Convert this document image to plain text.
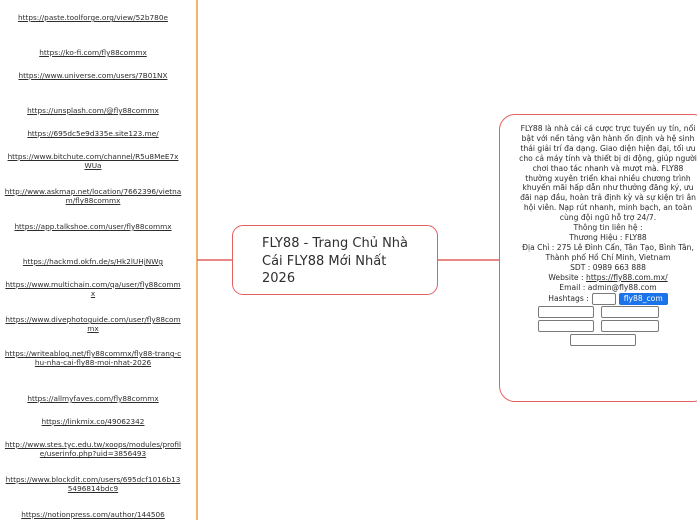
https://paste.toolforge.org/view/52b780e
https://ko-fi.com/fly88commx
https://www.universe.com/users/7B01NX
https://unsplash.com/@fly88commx
https://695dc5e9d335e.site123.me/
https://www.bitchute.com/channel/R5u8MeE7xWUa
http://www.askmap.net/location/7662396/vietnam/fly88commx
https://app.talkshoe.com/user/fly88commx
https://hackmd.okfn.de/s/Hk2lUHjNWg
https://www.multichain.com/qa/user/fly88commx
https://www.divephotoguide.com/user/fly88commx
https://writeablog.net/fly88commx/fly88-trang-chu-nha-cai-fly88-moi-nhat-2026
https://allmyfaves.com/fly88commx
https://linkmix.co/49062342
http://www.stes.tyc.edu.tw/xoops/modules/profile/userinfo.php?uid=3856493
https://www.blockdit.com/users/695dcf1016b135496814bdc9
https://notionpress.com/author/144506
FLY88 - Trang Chủ Nhà Cái FLY88 Mới Nhất 2026
FLY88 là nhà cái cá cược trực tuyến uy tín, nổi bật với nền tảng vận hành ổn định và hệ sinh thái giải trí đa dạng. Giao diện hiện đại, tối ưu cho cả máy tính và thiết bị di động, giúp người chơi thao tác nhanh và mượt mà. FLY88 thường xuyên triển khai nhiều chương trình khuyến mãi hấp dẫn như thưởng đăng ký, ưu đãi nạp đầu, hoàn trả định kỳ và sự kiện tri ân hội viên. Nạp rút nhanh, minh bạch, an toàn cùng đội ngũ hỗ trợ 24/7.
Thông tin liên hệ :
Thương Hiệu : FLY88
Địa Chỉ : 275 Lê Đình Cẩn, Tân Tạo, Bình Tân, Thành phố Hồ Chí Minh, Vietnam
SDT : 0989 663 888
Website : https://fly88.com.mx/
Email : admin@fly88.com
Hashtags :	fly88_com
